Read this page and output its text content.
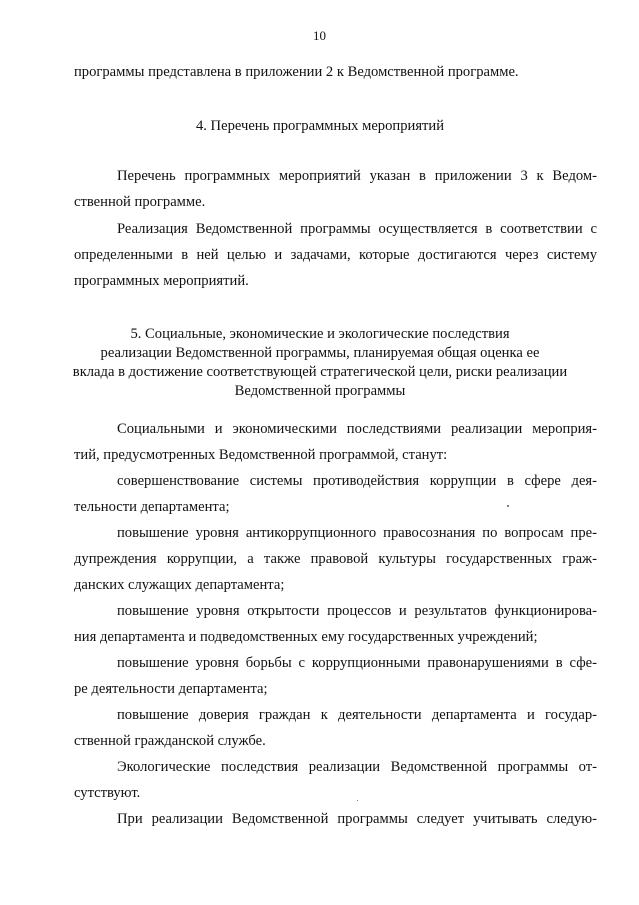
10
программы представлена в приложении 2 к Ведомственной программе.
4. Перечень программных мероприятий
Перечень программных мероприятий указан в приложении 3 к Ведом-
ственной программе.
Реализация Ведомственной программы осуществляется в соответствии с
определенными в ней целью и задачами, которые достигаются через систему
программных мероприятий.
5. Социальные, экономические и экологические последствия
реализации Ведомственной программы, планируемая общая оценка ее
вклада в достижение соответствующей стратегической цели, риски реализации
Ведомственной программы
Социальными и экономическими последствиями реализации мероприя-
тий, предусмотренных Ведомственной программой, станут:
совершенствование системы противодействия коррупции в сфере дея-
тельности департамента;
повышение уровня антикоррупционного правосознания по вопросам пре-
дупреждения коррупции, а также правовой культуры государственных граж-
данских служащих департамента;
повышение уровня открытости процессов и результатов функционирова-
ния департамента и подведомственных ему государственных учреждений;
повышение уровня борьбы с коррупционными правонарушениями в сфе-
ре деятельности департамента;
повышение доверия граждан к деятельности департамента и государ-
ственной гражданской службе.
Экологические последствия реализации Ведомственной программы от-
сутствуют.
При реализации Ведомственной программы следует учитывать следую-
